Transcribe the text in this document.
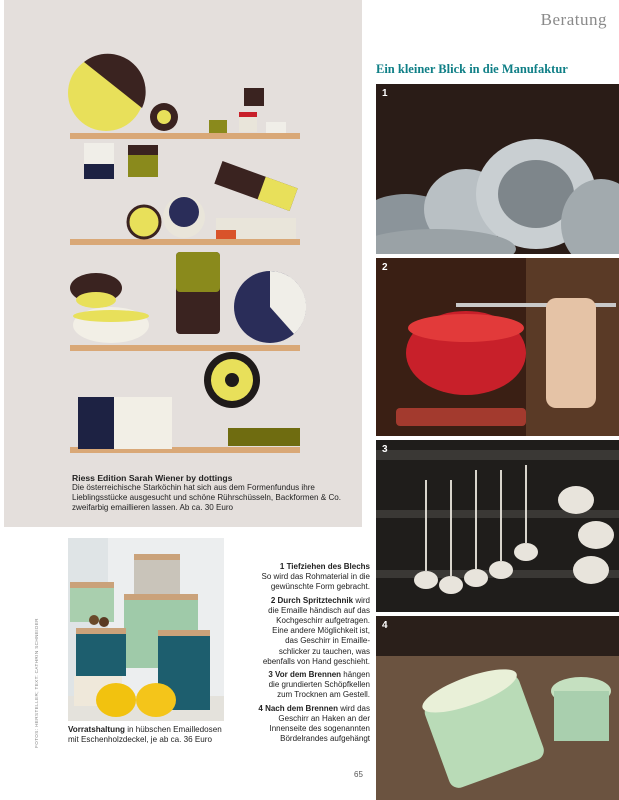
Riess Edition Sarah Wiener by dottings
Die österreichische Starköchin hat sich aus dem Formenfundus ihre Lieblingsstücke ausgesucht und schöne Rührschüsseln, Backformen & Co. zweifarbig emaillieren lassen. Ab ca. 30 Euro
Beratung
Ein kleiner Blick in die Manufaktur
1
2
3
4
Vorratshaltung in hübschen Emailledosen mit Eschenholzdeckel, je ab ca. 36 Euro

1 Tiefziehen des Blechs
So wird das Rohmaterial in die gewünschte Form gebracht.

2 Durch Spritztechnik wird die Emaille händisch auf das Kochgeschirr aufgetragen. Eine andere Möglichkeit ist, das Geschirr in Emaille-schlicker zu tauchen, was ebenfalls von Hand geschieht.

3 Vor dem Brennen hängen die grundierten Schöpfkellen zum Trocknen am Gestell.

4 Nach dem Brennen wird das Geschirr an Haken an der Innenseite des sogenannten Bördelrandes aufgehängt

FOTOS: HERSTELLER; TEXT: CATHRIN SCHNEIDER
65
